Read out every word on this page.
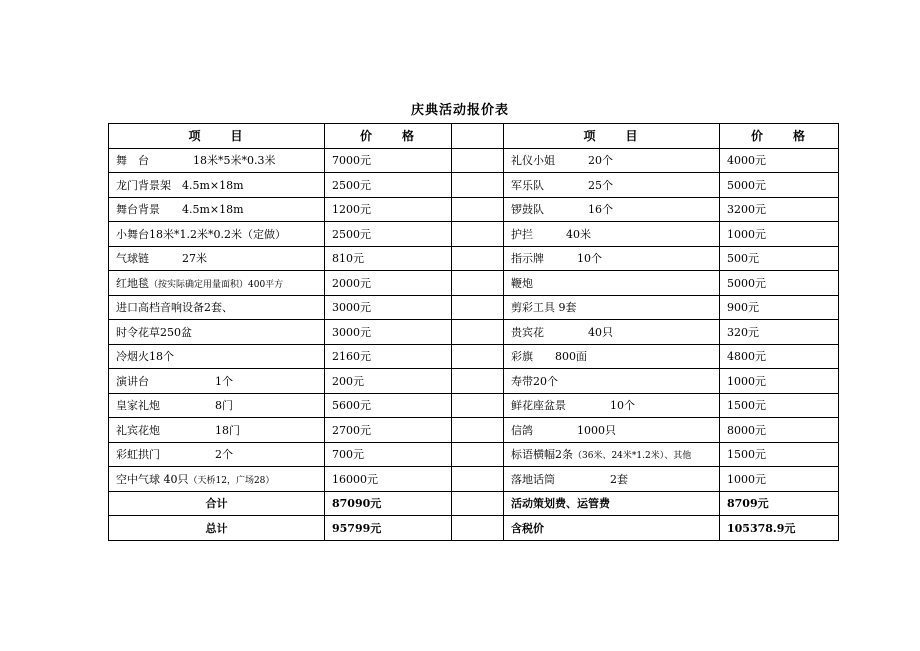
庆典活动报价表
项　　目	价　　格		项　　目	价　　格
舞　台　　　　18米*5米*0.3米	7000元		礼仪小姐　　　20个	4000元
龙门背景架　4.5m×18m	2500元		军乐队　　　　25个	5000元
舞台背景　　4.5m×18m	1200元		锣鼓队　　　　16个	3200元
小舞台18米*1.2米*0.2米（定做）	2500元		护拦　　　40米	1000元
气球链　　　27米	810元		指示牌　　　10个	500元
红地毯（按实际确定用量面积）400平方	2000元		鞭炮	5000元
进口高档音响设备2套、	3000元		剪彩工具 9套	900元
时令花草250盆	3000元		贵宾花　　　　40只	320元
冷烟火18个	2160元		彩旗　　800面	4800元
演讲台　　　　　　1个	200元		寿带20个	1000元
皇家礼炮　　　　　8门	5600元		鲜花座盆景　　　　10个	1500元
礼宾花炮　　　　　18门	2700元		信鸽　　　　1000只	8000元
彩虹拱门　　　　　2个	700元		标语横幅2条（36米、24米*1.2米）、其他	1500元
空中气球 40只（天桥12，广场28）	16000元		落地话筒　　　　　2套	1000元
合计	87090元		活动策划费、运管费	8709元
总计	95799元		含税价	105378.9元
